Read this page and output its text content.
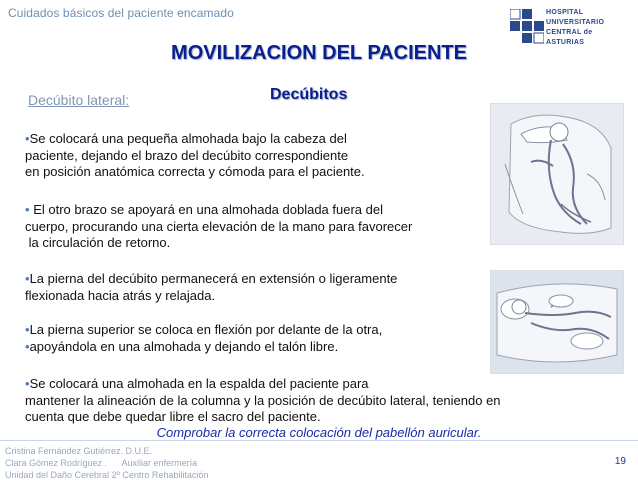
Cuidados básicos del paciente encamado	HOSPITAL
UNIVERSITARIO
CENTRAL de
ASTURIAS
MOVILIZACION DEL PACIENTE
Decúbito lateral:	Decúbitos
•Se colocará una pequeña almohada bajo la cabeza del
paciente, dejando el brazo del decúbito correspondiente
en posición anatómica correcta y cómoda para el paciente.
• El otro brazo se apoyará en una almohada doblada fuera del
cuerpo, procurando una cierta elevación de la mano para favorecer
la circulación de retorno.
•La pierna del decúbito permanecerá en extensión o ligeramente
flexionada hacia atrás y relajada.
•La pierna superior se coloca en flexión por delante de la otra,
•apoyándola en una almohada y dejando el talón libre.
•Se colocará una almohada en la espalda del paciente para
mantener la alineación de la columna y la posición de decúbito lateral, teniendo en
cuenta que debe quedar libre el sacro del paciente.
Comprobar la correcta colocación del pabellón auricular.
Cristina Fernández Gutiérrez. D.U.E.
Clara Gómez Rodríguez .      Auxiliar enfermería
Unidad del Daño Cerebral 2º Centro Rehabilitación
19
